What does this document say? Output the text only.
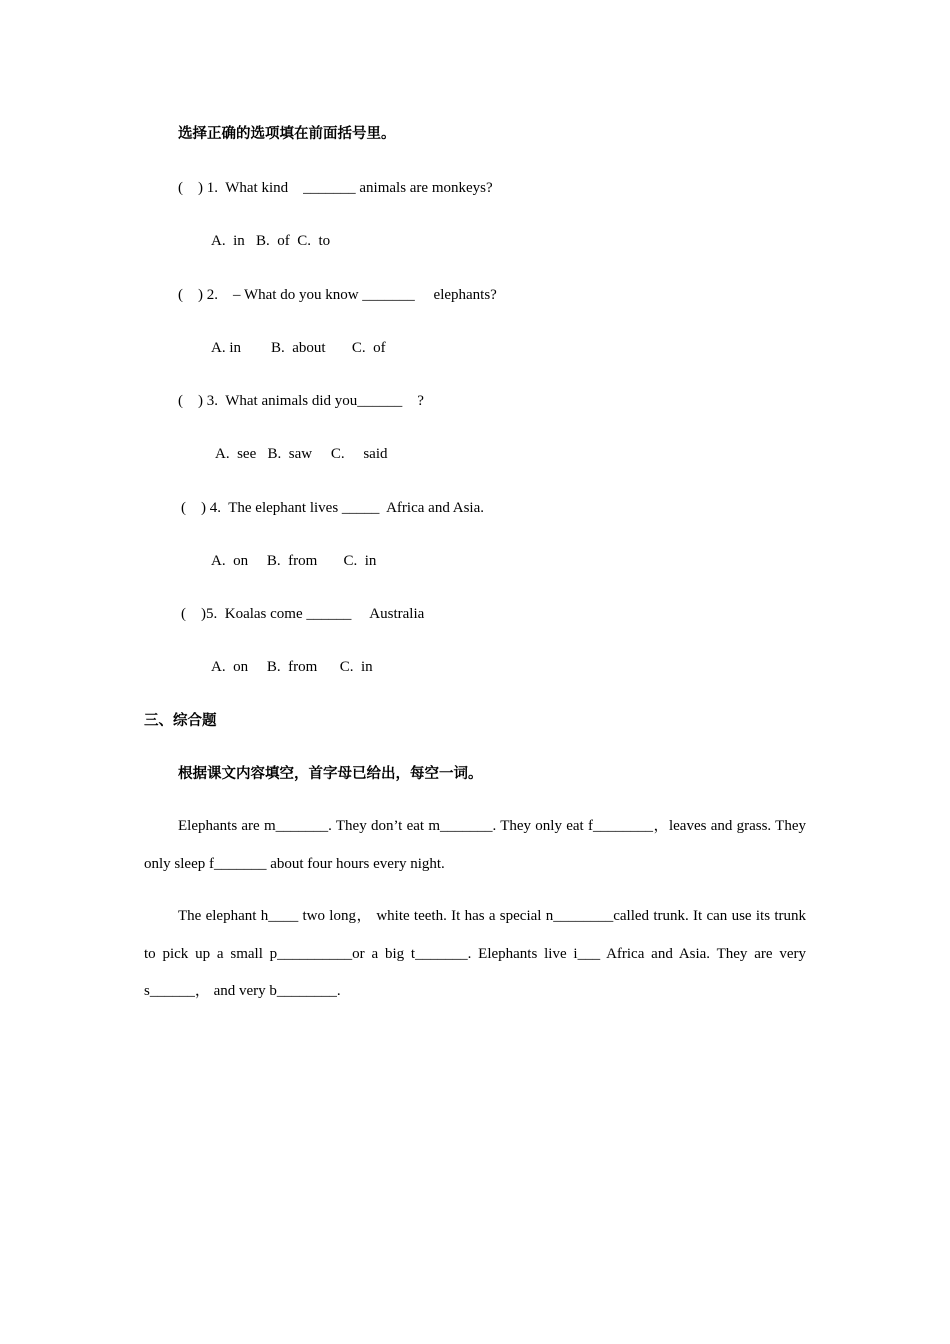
选择正确的选项填在前面括号里。
(    ) 1.  What kind    _______ animals are monkeys?
A.  in   B.  of  C.  to
(    ) 2.    – What do you know _______     elephants?
A. in        B.  about       C.  of
(    ) 3.  What animals did you______    ?
A.  see   B.  saw     C.     said
(    ) 4.  The elephant lives _____  Africa and Asia.
A.  on     B.  from       C.  in
(    )5.  Koalas come ______     Australia
A.  on     B.  from      C.  in
三、综合题
根据课文内容填空，首字母已给出，每空一词。
Elephants are m_______. They don’t eat m_______. They only eat f________，leaves and grass. They only sleep f_______ about four hours every night.
The elephant h____ two long， white teeth. It has a special n________called trunk. It can use its trunk to pick up a small p__________or a big t_______. Elephants live i___ Africa and Asia. They are very s______， and very b________.
